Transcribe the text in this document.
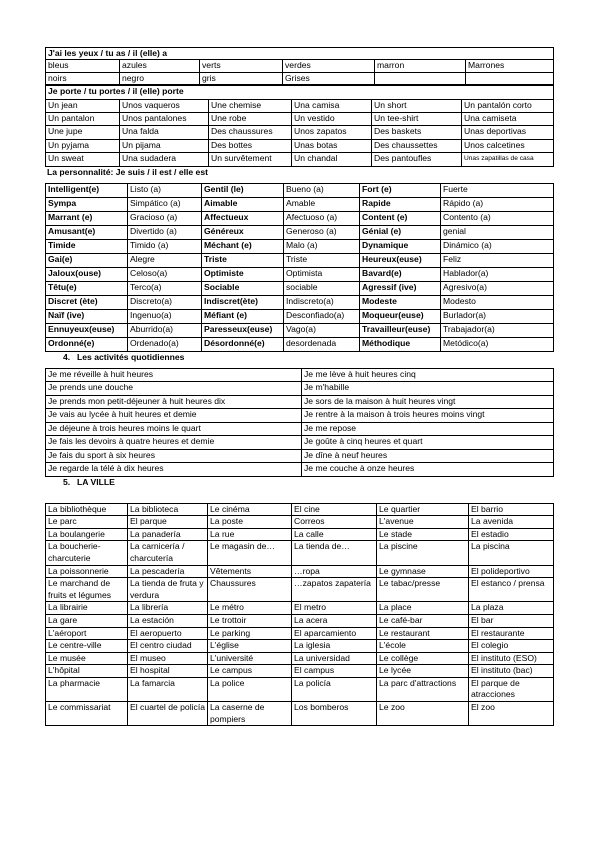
J'ai les yeux / tu as / il (elle) a					
bleus	azules	verts	verdes	marron	Marrones
noirs	negro	gris	Grises		
Je porte / tu portes / il (elle) porte					
Un jean	Unos vaqueros	Une chemise	Una camisa	Un short	Un pantalón corto
Un pantalon	Unos pantalones	Une robe	Un vestido	Un tee-shirt	Una camiseta
Une jupe	Una falda	Des chaussures	Unos zapatos	Des baskets	Unas deportivas
Un pyjama	Un pijama	Des bottes	Unas botas	Des chaussettes	Unos calcetines
Un sweat	Una sudadera	Un survêtement	Un chandal	Des pantoufles	Unas zapatillas de casa
La personnalité: Je suis / il est / elle est
Intelligent(e)	Listo (a)	Gentil (le)	Bueno (a)	Fort (e)	Fuerte
Sympa	Simpático (a)	Aimable	Amable	Rapide	Rápido (a)
Marrant (e)	Gracioso (a)	Affectueux	Afectuoso (a)	Content (e)	Contento (a)
Amusant(e)	Divertido (a)	Généreux	Generoso (a)	Génial (e)	genial
Timide	Timido (a)	Méchant (e)	Malo (a)	Dynamique	Dinámico (a)
Gai(e)	Alegre	Triste	Triste	Heureux(euse)	Feliz
Jaloux(ouse)	Celoso(a)	Optimiste	Optimista	Bavard(e)	Hablador(a)
Têtu(e)	Terco(a)	Sociable	sociable	Agressif (ive)	Agresivo(a)
Discret (ète)	Discreto(a)	Indiscret(ète)	Indiscreto(a)	Modeste	Modesto
Naïf (ive)	Ingenuo(a)	Méfiant (e)	Desconfiado(a)	Moqueur(euse)	Burlador(a)
Ennuyeux(euse)	Aburrido(a)	Paresseux(euse)	Vago(a)	Travailleur(euse)	Trabajador(a)
Ordonné(e)	Ordenado(a)	Désordonné(e)	desordenada	Méthodique	Metódico(a)
4. Les activités quotidiennes
Je me réveille à huit heures	Je me lève à huit heures cinq
Je prends une douche	Je m'habille
Je prends mon petit-déjeuner à huit heures dix	Je sors de la maison à huit heures vingt
Je vais au lycée à huit heures et demie	Je rentre à la maison à trois heures moins vingt
Je déjeune à trois heures moins le quart	Je me repose
Je fais les devoirs à quatre heures et demie	Je goûte à cinq heures et quart
Je fais du sport à six heures	Je dîne à neuf heures
Je regarde la télé à dix heures	Je me couche à onze heures
5. LA VILLE
La bibliothèque	La biblioteca	Le cinéma	El cine	Le quartier	El barrio
Le parc	El parque	La poste	Correos	L'avenue	La avenida
La boulangerie	La panadería	La rue	La calle	Le stade	El estadio
La boucherie-charcuterie	La carnicería / charcutería	Le magasin de…	La tienda de…	La piscine	La piscina
La poissonnerie	La pescadería	Vêtements	…ropa	Le gymnase	El polideportivo
Le marchand de fruits et légumes	La tienda de fruta y verdura	Chaussures	…zapatos zapatería	Le tabac/presse	El estanco / prensa
La librairie	La librería	Le métro	El metro	La place	La plaza
La gare	La estación	Le trottoir	La acera	Le café-bar	El bar
L'aéroport	El aeropuerto	Le parking	El aparcamiento	Le restaurant	El restaurante
Le centre-ville	El centro ciudad	L'église	La iglesia	L'école	El colegio
Le musée	El museo	L'université	La universidad	Le collège	El instituto (ESO)
L'hôpital	El hospital	Le campus	El campus	Le lycée	El instituto (bac)
La pharmacie	La famarcia	La police	La policía	La parc d'attractions	El parque de atracciones
Le commissariat	El cuartel de policía	La caserne de pompiers	Los bomberos	Le zoo	El zoo
